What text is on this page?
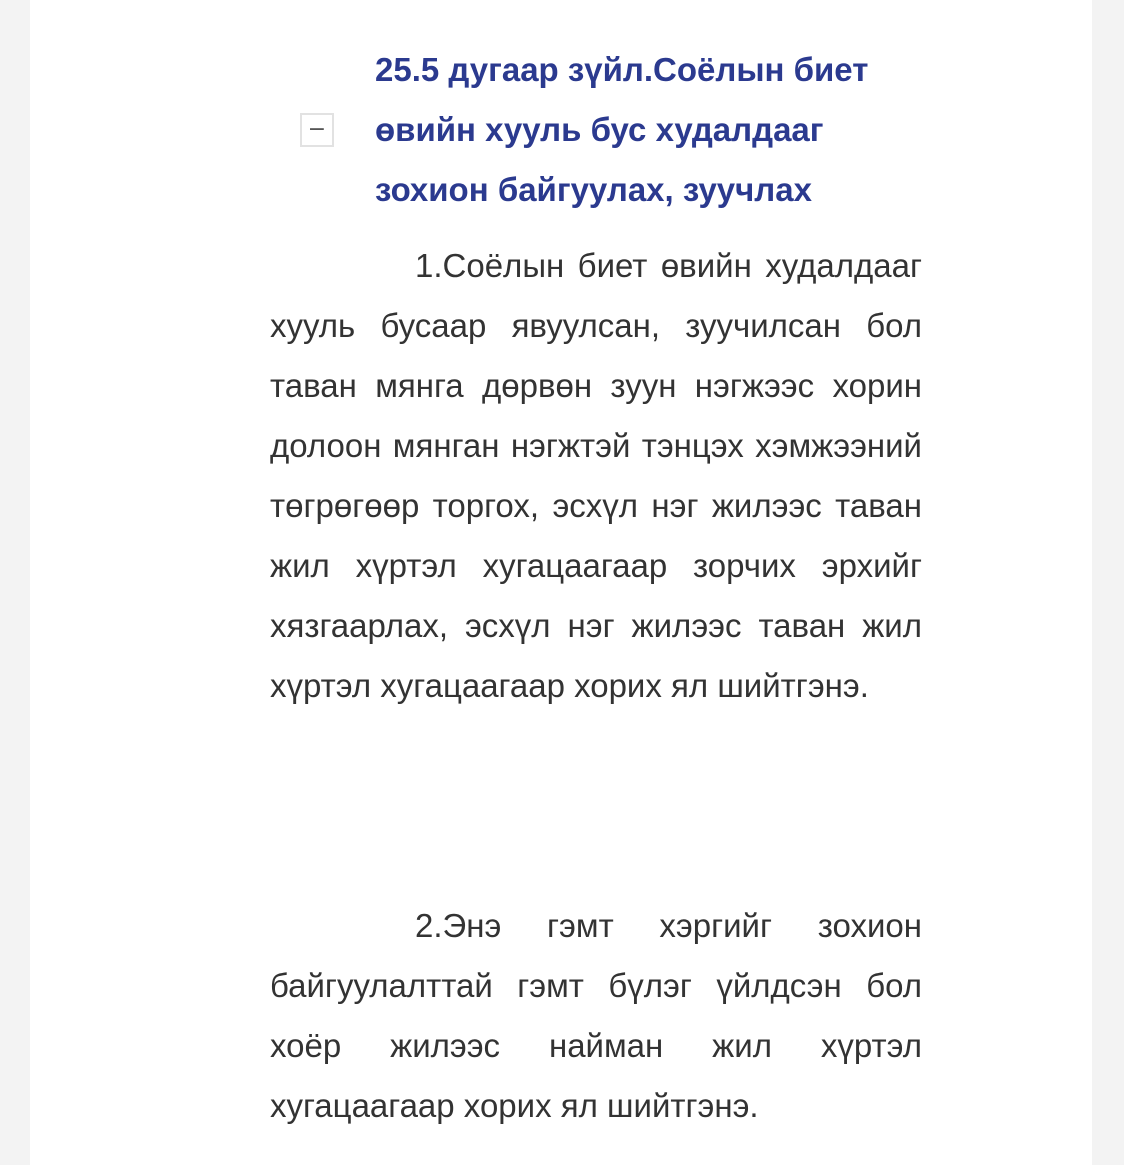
−
25.5 дугаар зүйл.Соёлын биет өвийн хууль бус худалдааг зохион байгуулах, зуучлах

1.Соёлын биет өвийн худалдааг хууль бусаар явуулсан, зуучилсан бол таван мянга дөрвөн зуун нэгжээс хорин долоон мянган нэгжтэй тэнцэх хэмжээний төгрөгөөр торгох, эсхүл нэг жилээс таван жил хүртэл хугацаагаар зорчих эрхийг хязгаарлах, эсхүл нэг жилээс таван жил хүртэл хугацаагаар хорих ял шийтгэнэ.

2.Энэ гэмт хэргийг зохион байгуулалттай гэмт бүлэг үйлдсэн бол хоёр жилээс найман жил хүртэл хугацаагаар хорих ял шийтгэнэ.
